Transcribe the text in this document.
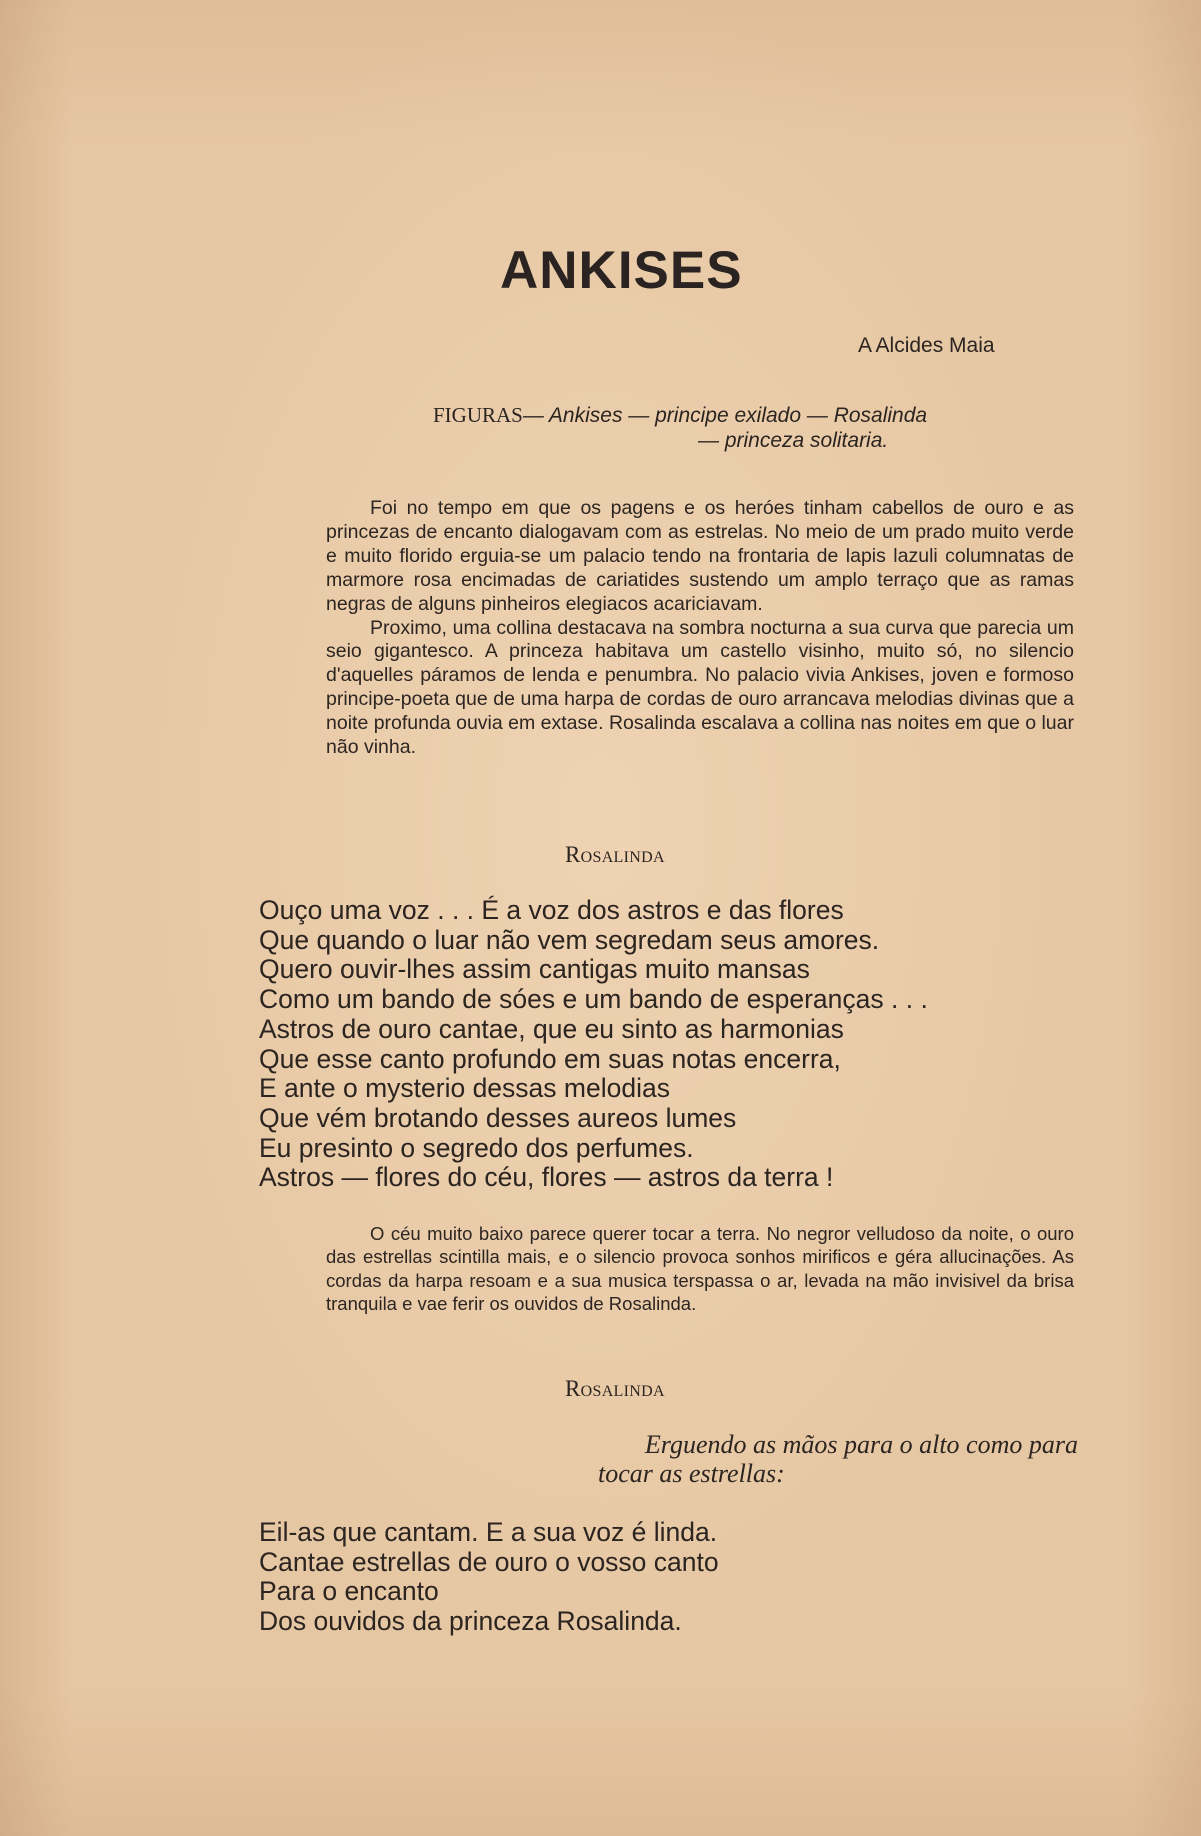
ANKISES
A Alcides Maia
FIGURAS— Ankises — principe exilado — Rosalinda
— princeza solitaria.

Foi no tempo em que os pagens e os heróes tinham cabellos de ouro e as princezas de encanto dialogavam com as estrelas. No meio de um prado muito verde e muito florido erguia-se um palacio tendo na frontaria de lapis lazuli columnatas de marmore rosa encimadas de cariatides sustendo um amplo terraço que as ramas negras de alguns pinheiros elegiacos acariciavam.

Proximo, uma collina destacava na sombra nocturna a sua curva que parecia um seio gigantesco. A princeza habitava um castello visinho, muito só, no silencio d'aquelles páramos de lenda e penumbra. No palacio vivia Ankises, joven e formoso principe-poeta que de uma harpa de cordas de ouro arrancava melodias divinas que a noite profunda ouvia em extase. Rosalinda escalava a collina nas noites em que o luar não vinha.

Rosalinda
Ouço uma voz . . . É a voz dos astros e das flores
Que quando o luar não vem segredam seus amores.
Quero ouvir-lhes assim cantigas muito mansas
Como um bando de sóes e um bando de esperanças . . .
Astros de ouro cantae, que eu sinto as harmonias
Que esse canto profundo em suas notas encerra,
E ante o mysterio dessas melodias
Que vém brotando desses aureos lumes
Eu presinto o segredo dos perfumes.
Astros — flores do céu, flores — astros da terra !

O céu muito baixo parece querer tocar a terra. No negror velludoso da noite, o ouro das estrellas scintilla mais, e o silencio provoca sonhos mirificos e géra allucinações. As cordas da harpa resoam e a sua musica terspassa o ar, levada na mão invisivel da brisa tranquila e vae ferir os ouvidos de Rosalinda.

Rosalinda
Erguendo as mãos para o alto como para
tocar as estrellas:
Eil-as que cantam. E a sua voz é linda.
Cantae estrellas de ouro o vosso canto
Para o encanto
Dos ouvidos da princeza Rosalinda.
